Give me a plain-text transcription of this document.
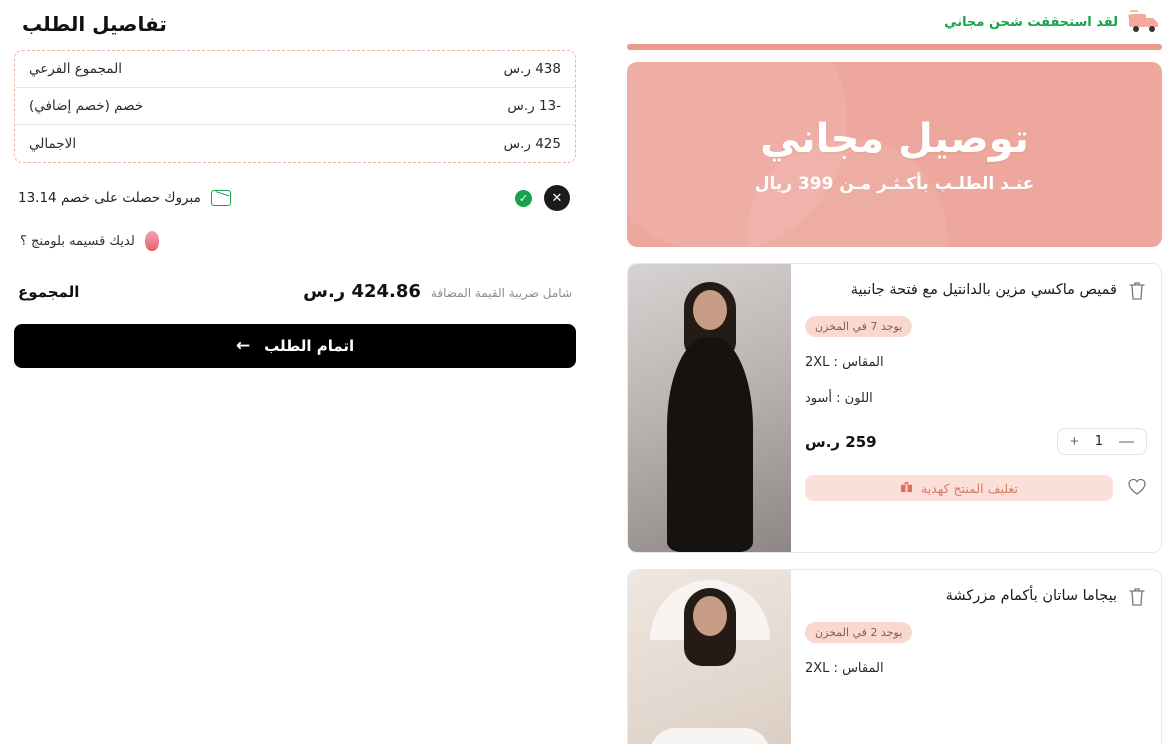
لقد استحققت شحن مجاني
توصيل مجاني
عنـد الطلـب بأكـثـر مـن 399 ريال
قميص ماكسي مزين بالدانتيل مع فتحة جانبية
يوجد 7 في المخزن
المقاس : 2XL
اللون : أسود
259 ر.س	—
1
+
تغليف المنتج كهدية
بيجاما ساتان بأكمام مزركشة
يوجد 2 في المخزن
المقاس : 2XL
تفاصيل الطلب
المجموع الفرعي	438 ر.س
خصم (خصم إضافي)	-13 ر.س
الاجمالي	425 ر.س
مبروك حصلت على خصم 13.14	✕
✓
لديك قسيمه بلومنج ؟
المجموع	424.86 ر.س شامل ضريبة القيمة المضافة
اتمام الطلب
←
